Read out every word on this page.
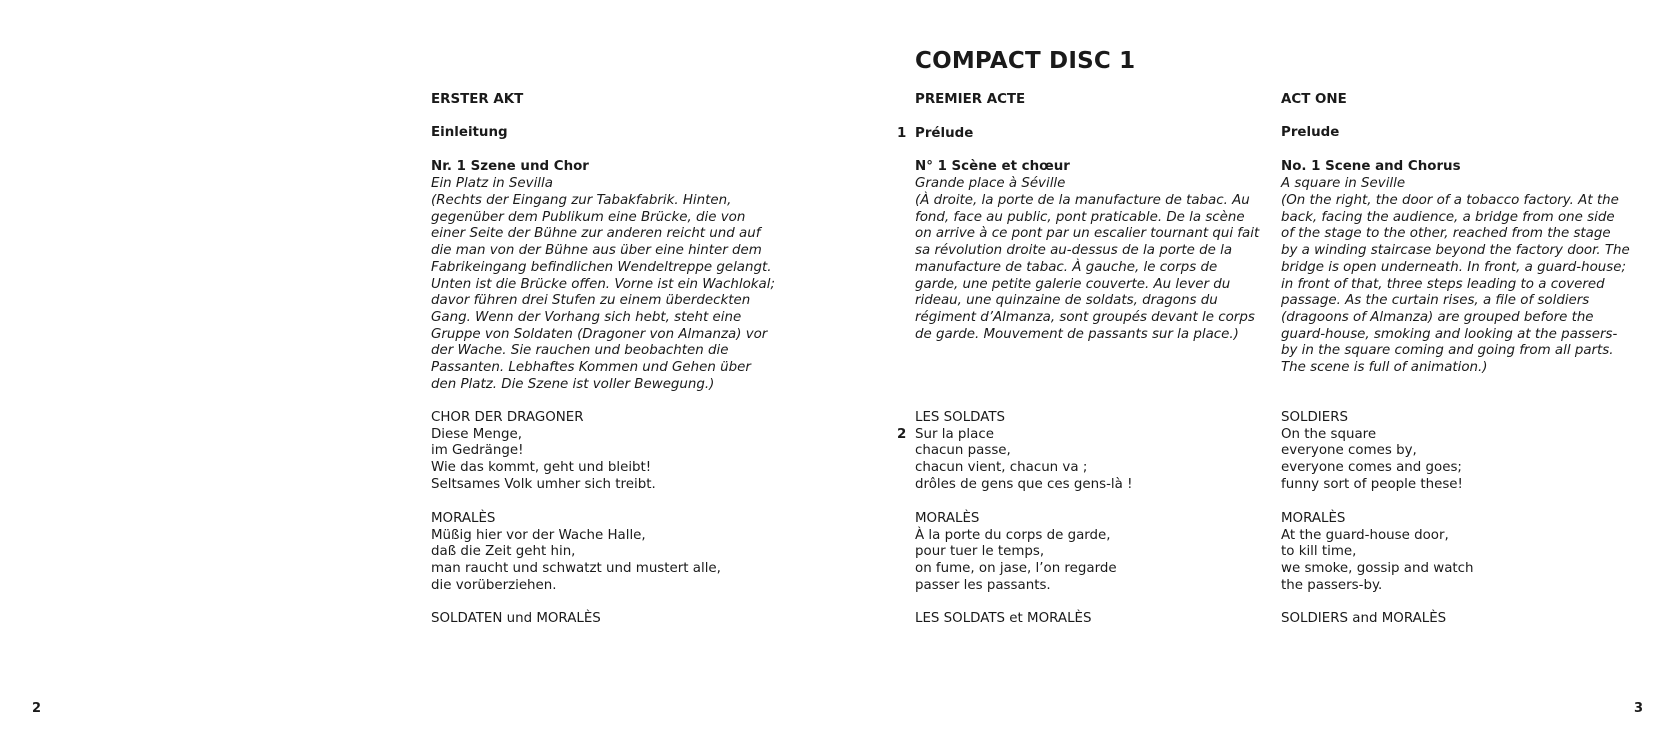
COMPACT DISC 1
ERSTER AKT
Einleitung
Nr. 1 Szene und Chor
Ein Platz in Sevilla
(Rechts der Eingang zur Tabakfabrik. Hinten,
gegenüber dem Publikum eine Brücke, die von
einer Seite der Bühne zur anderen reicht und auf
die man von der Bühne aus über eine hinter dem
Fabrikeingang befindlichen Wendeltreppe gelangt.
Unten ist die Brücke offen. Vorne ist ein Wachlokal;
davor führen drei Stufen zu einem überdeckten
Gang. Wenn der Vorhang sich hebt, steht eine
Gruppe von Soldaten (Dragoner von Almanza) vor
der Wache. Sie rauchen und beobachten die
Passanten. Lebhaftes Kommen und Gehen über
den Platz. Die Szene ist voller Bewegung.)
CHOR DER DRAGONER
Diese Menge,
im Gedränge!
Wie das kommt, geht und bleibt!
Seltsames Volk umher sich treibt.
MORALÈS
Müßig hier vor der Wache Halle,
daß die Zeit geht hin,
man raucht und schwatzt und mustert alle,
die vorüberziehen.
SOLDATEN und MORALÈS
PREMIER ACTE
1 Prélude
N° 1 Scène et chœur
Grande place à Séville
(À droite, la porte de la manufacture de tabac. Au
fond, face au public, pont praticable. De la scène
on arrive à ce pont par un escalier tournant qui fait
sa révolution droite au-dessus de la porte de la
manufacture de tabac. À gauche, le corps de
garde, une petite galerie couverte. Au lever du
rideau, une quinzaine de soldats, dragons du
régiment d’Almanza, sont groupés devant le corps
de garde. Mouvement de passants sur la place.)
LES SOLDATS
Sur la place
chacun passe,
chacun vient, chacun va ;
drôles de gens que ces gens-là !
2
MORALÈS
À la porte du corps de garde,
pour tuer le temps,
on fume, on jase, l’on regarde
passer les passants.
LES SOLDATS et MORALÈS
ACT ONE
Prelude
No. 1 Scene and Chorus
A square in Seville
(On the right, the door of a tobacco factory. At the
back, facing the audience, a bridge from one side
of the stage to the other, reached from the stage
by a winding staircase beyond the factory door. The
bridge is open underneath. In front, a guard-house;
in front of that, three steps leading to a covered
passage. As the curtain rises, a file of soldiers
(dragoons of Almanza) are grouped before the
guard-house, smoking and looking at the passers-
by in the square coming and going from all parts.
The scene is full of animation.)
SOLDIERS
On the square
everyone comes by,
everyone comes and goes;
funny sort of people these!
MORALÈS
At the guard-house door,
to kill time,
we smoke, gossip and watch
the passers-by.
SOLDIERS and MORALÈS
2	3
